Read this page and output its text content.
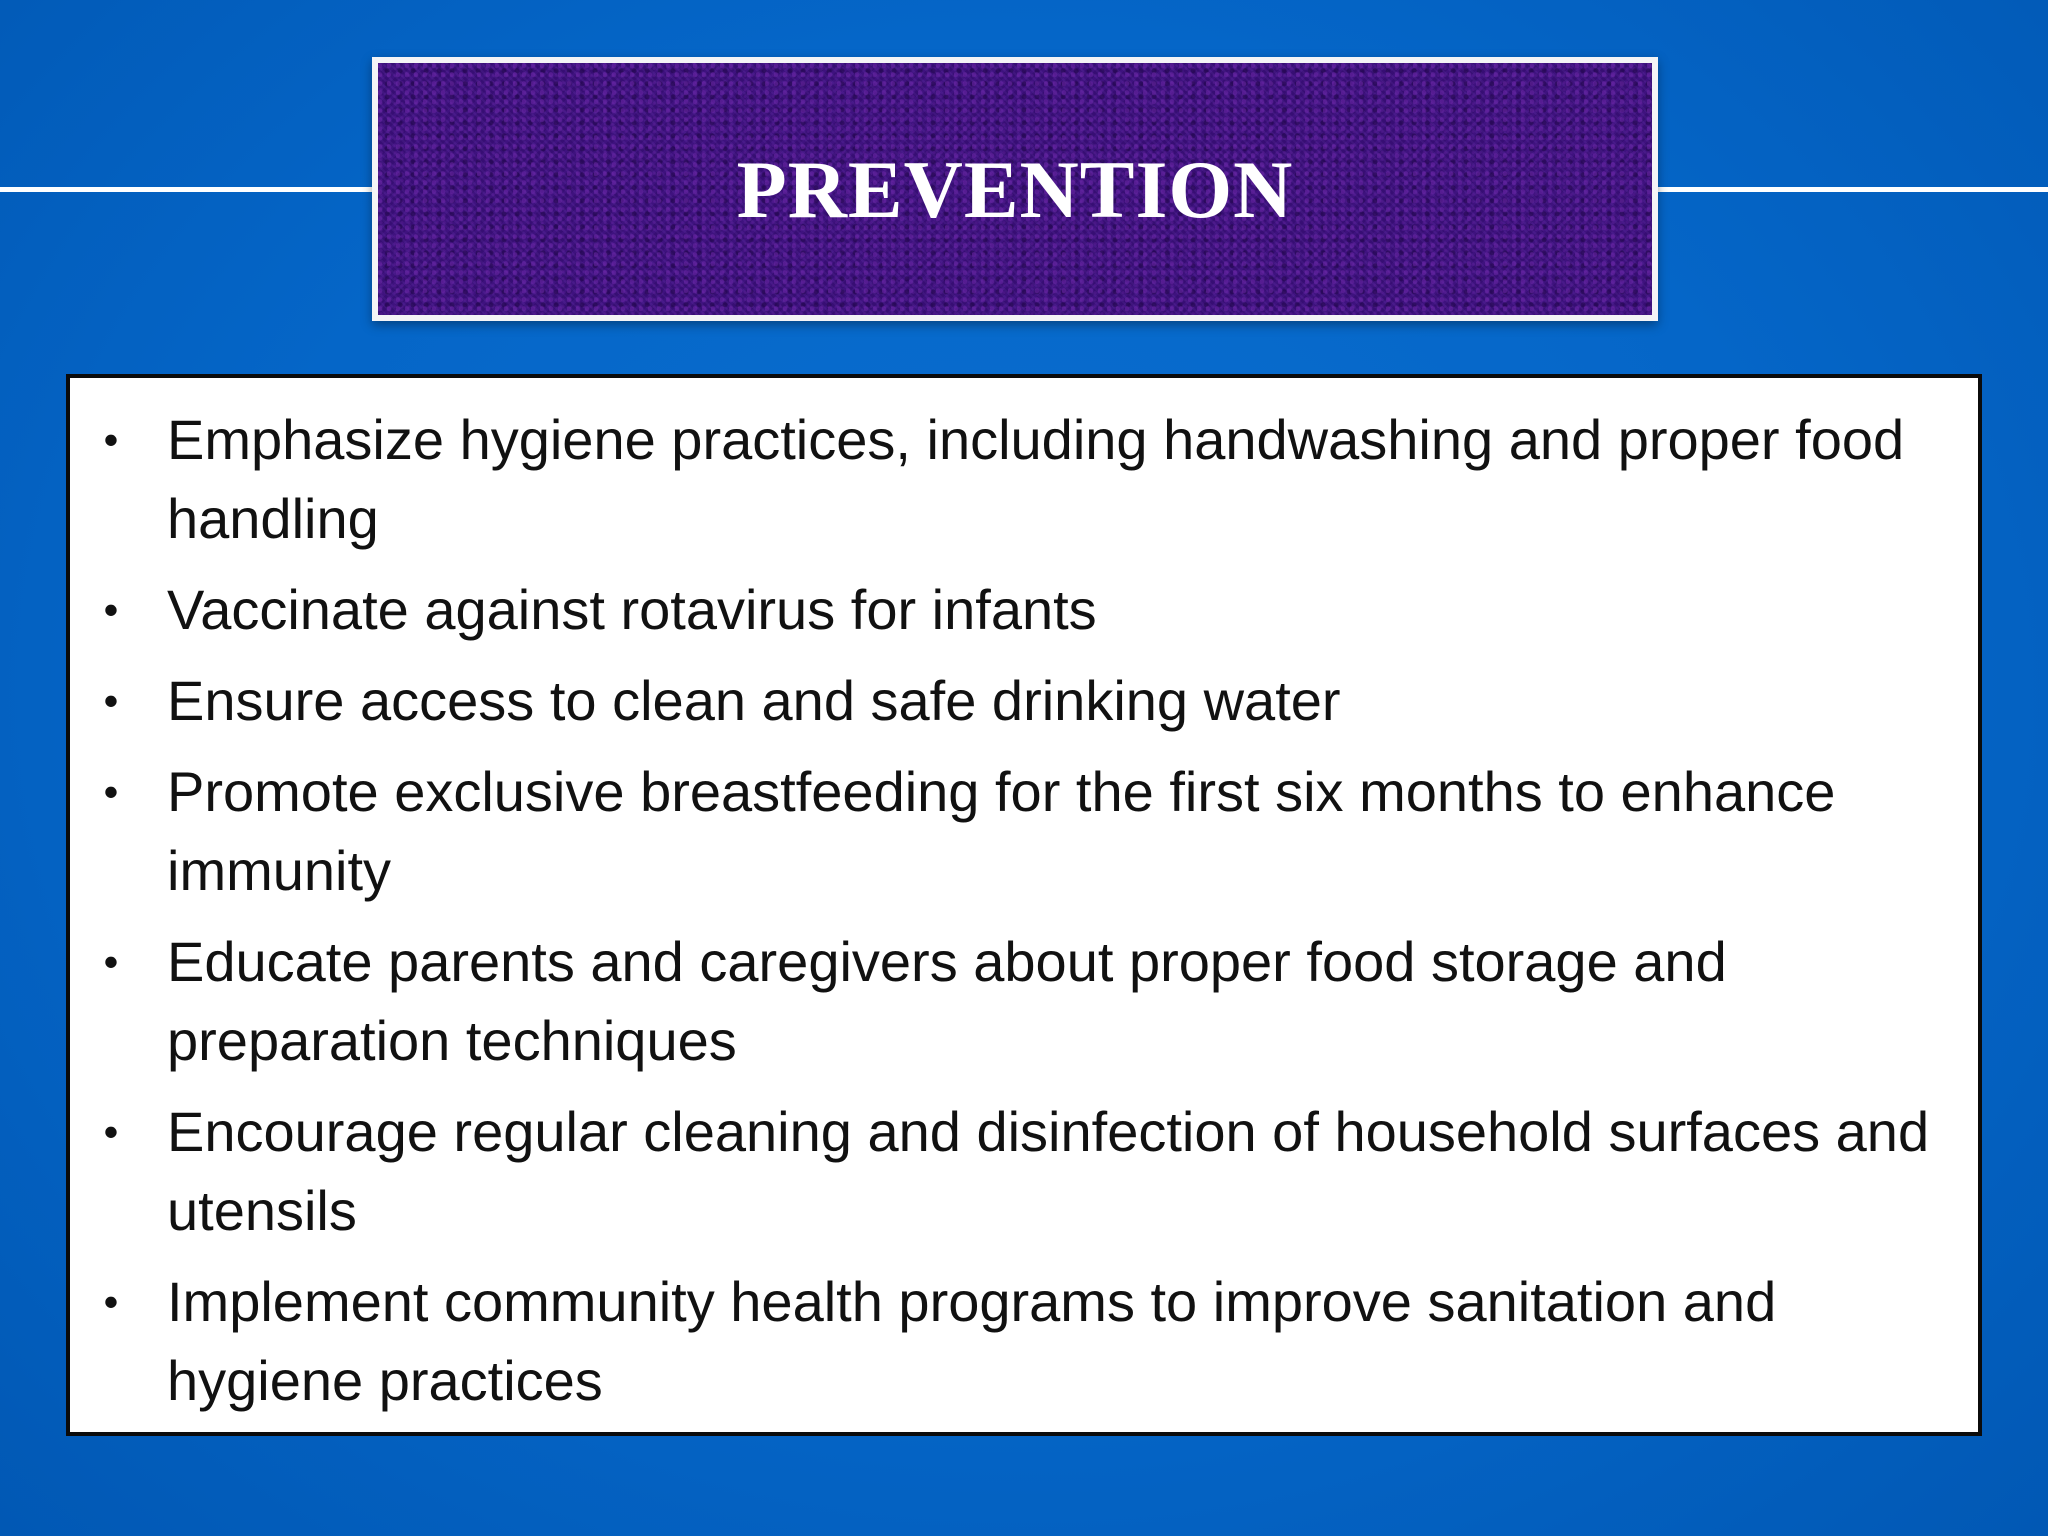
PREVENTION
• Emphasize hygiene practices, including handwashing and proper food handling
• Vaccinate against rotavirus for infants
• Ensure access to clean and safe drinking water
• Promote exclusive breastfeeding for the first six months to enhance immunity
• Educate parents and caregivers about proper food storage and preparation techniques
• Encourage regular cleaning and disinfection of household surfaces and utensils
• Implement community health programs to improve sanitation and hygiene practices
